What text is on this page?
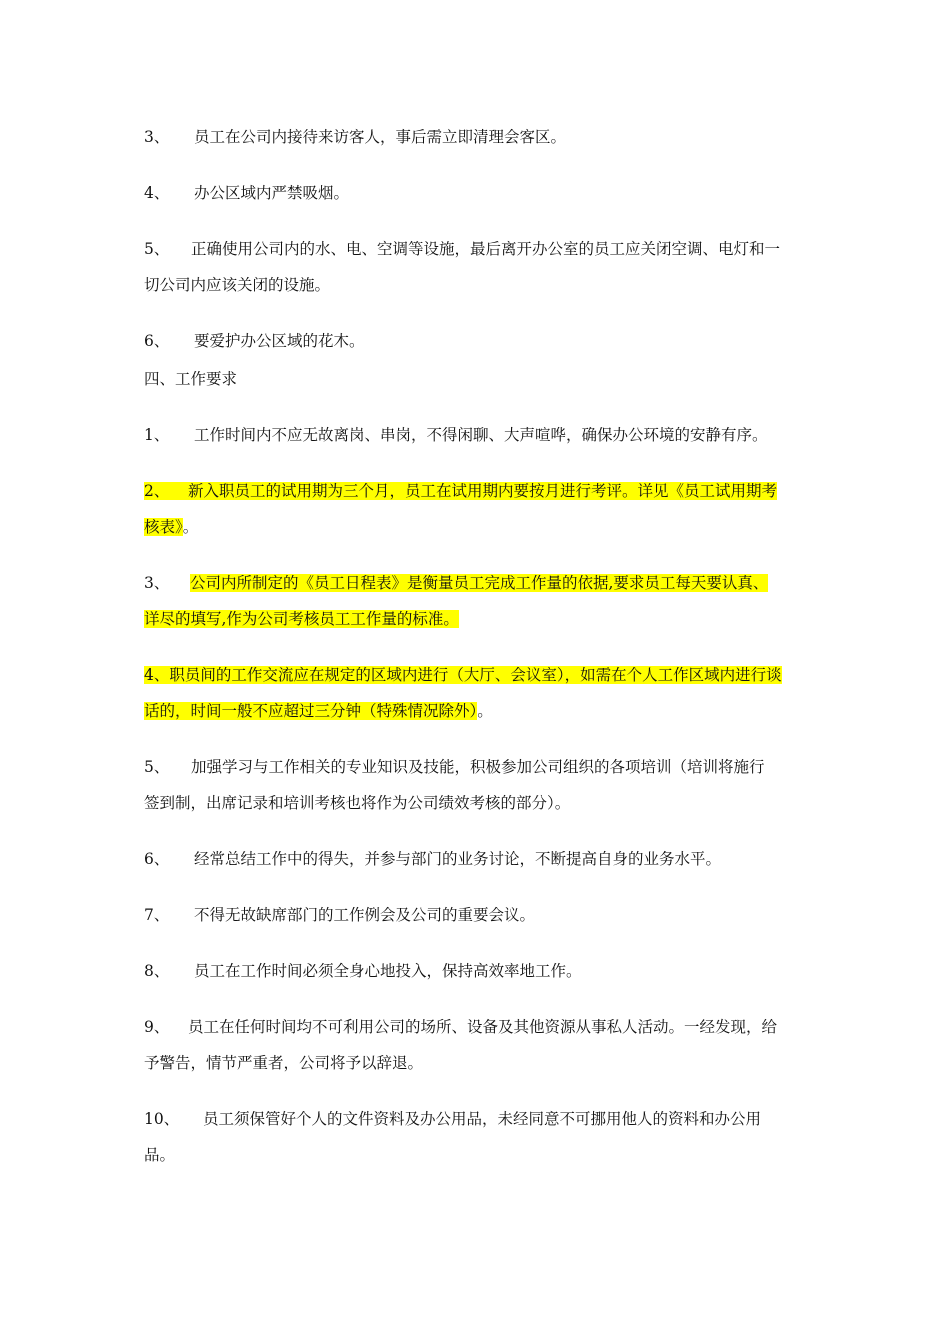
3、 员工在公司内接待来访客人，事后需立即清理会客区。
4、 办公区域内严禁吸烟。
5、 正确使用公司内的水、电、空调等设施，最后离开办公室的员工应关闭空调、电灯和一
切公司内应该关闭的设施。
6、 要爱护办公区域的花木。
四、工作要求
1、 工作时间内不应无故离岗、串岗，不得闲聊、大声喧哗，确保办公环境的安静有序。
2、 新入职员工的试用期为三个月，员工在试用期内要按月进行考评。详见《员工试用期考
核表》。
3、 公司内所制定的《员工日程表》是衡量员工完成工作量的依据,要求员工每天要认真、
详尽的填写,作为公司考核员工工作量的标准。
4、职员间的工作交流应在规定的区域内进行（大厅、会议室），如需在个人工作区域内进行谈
话的，时间一般不应超过三分钟（特殊情况除外）。
5、 加强学习与工作相关的专业知识及技能，积极参加公司组织的各项培训（培训将施行
签到制，出席记录和培训考核也将作为公司绩效考核的部分）。
6、 经常总结工作中的得失，并参与部门的业务讨论，不断提高自身的业务水平。
7、 不得无故缺席部门的工作例会及公司的重要会议。
8、 员工在工作时间必须全身心地投入，保持高效率地工作。
9、 员工在任何时间均不可利用公司的场所、设备及其他资源从事私人活动。一经发现，给
予警告，情节严重者，公司将予以辞退。
10、 员工须保管好个人的文件资料及办公用品，未经同意不可挪用他人的资料和办公用
品。
